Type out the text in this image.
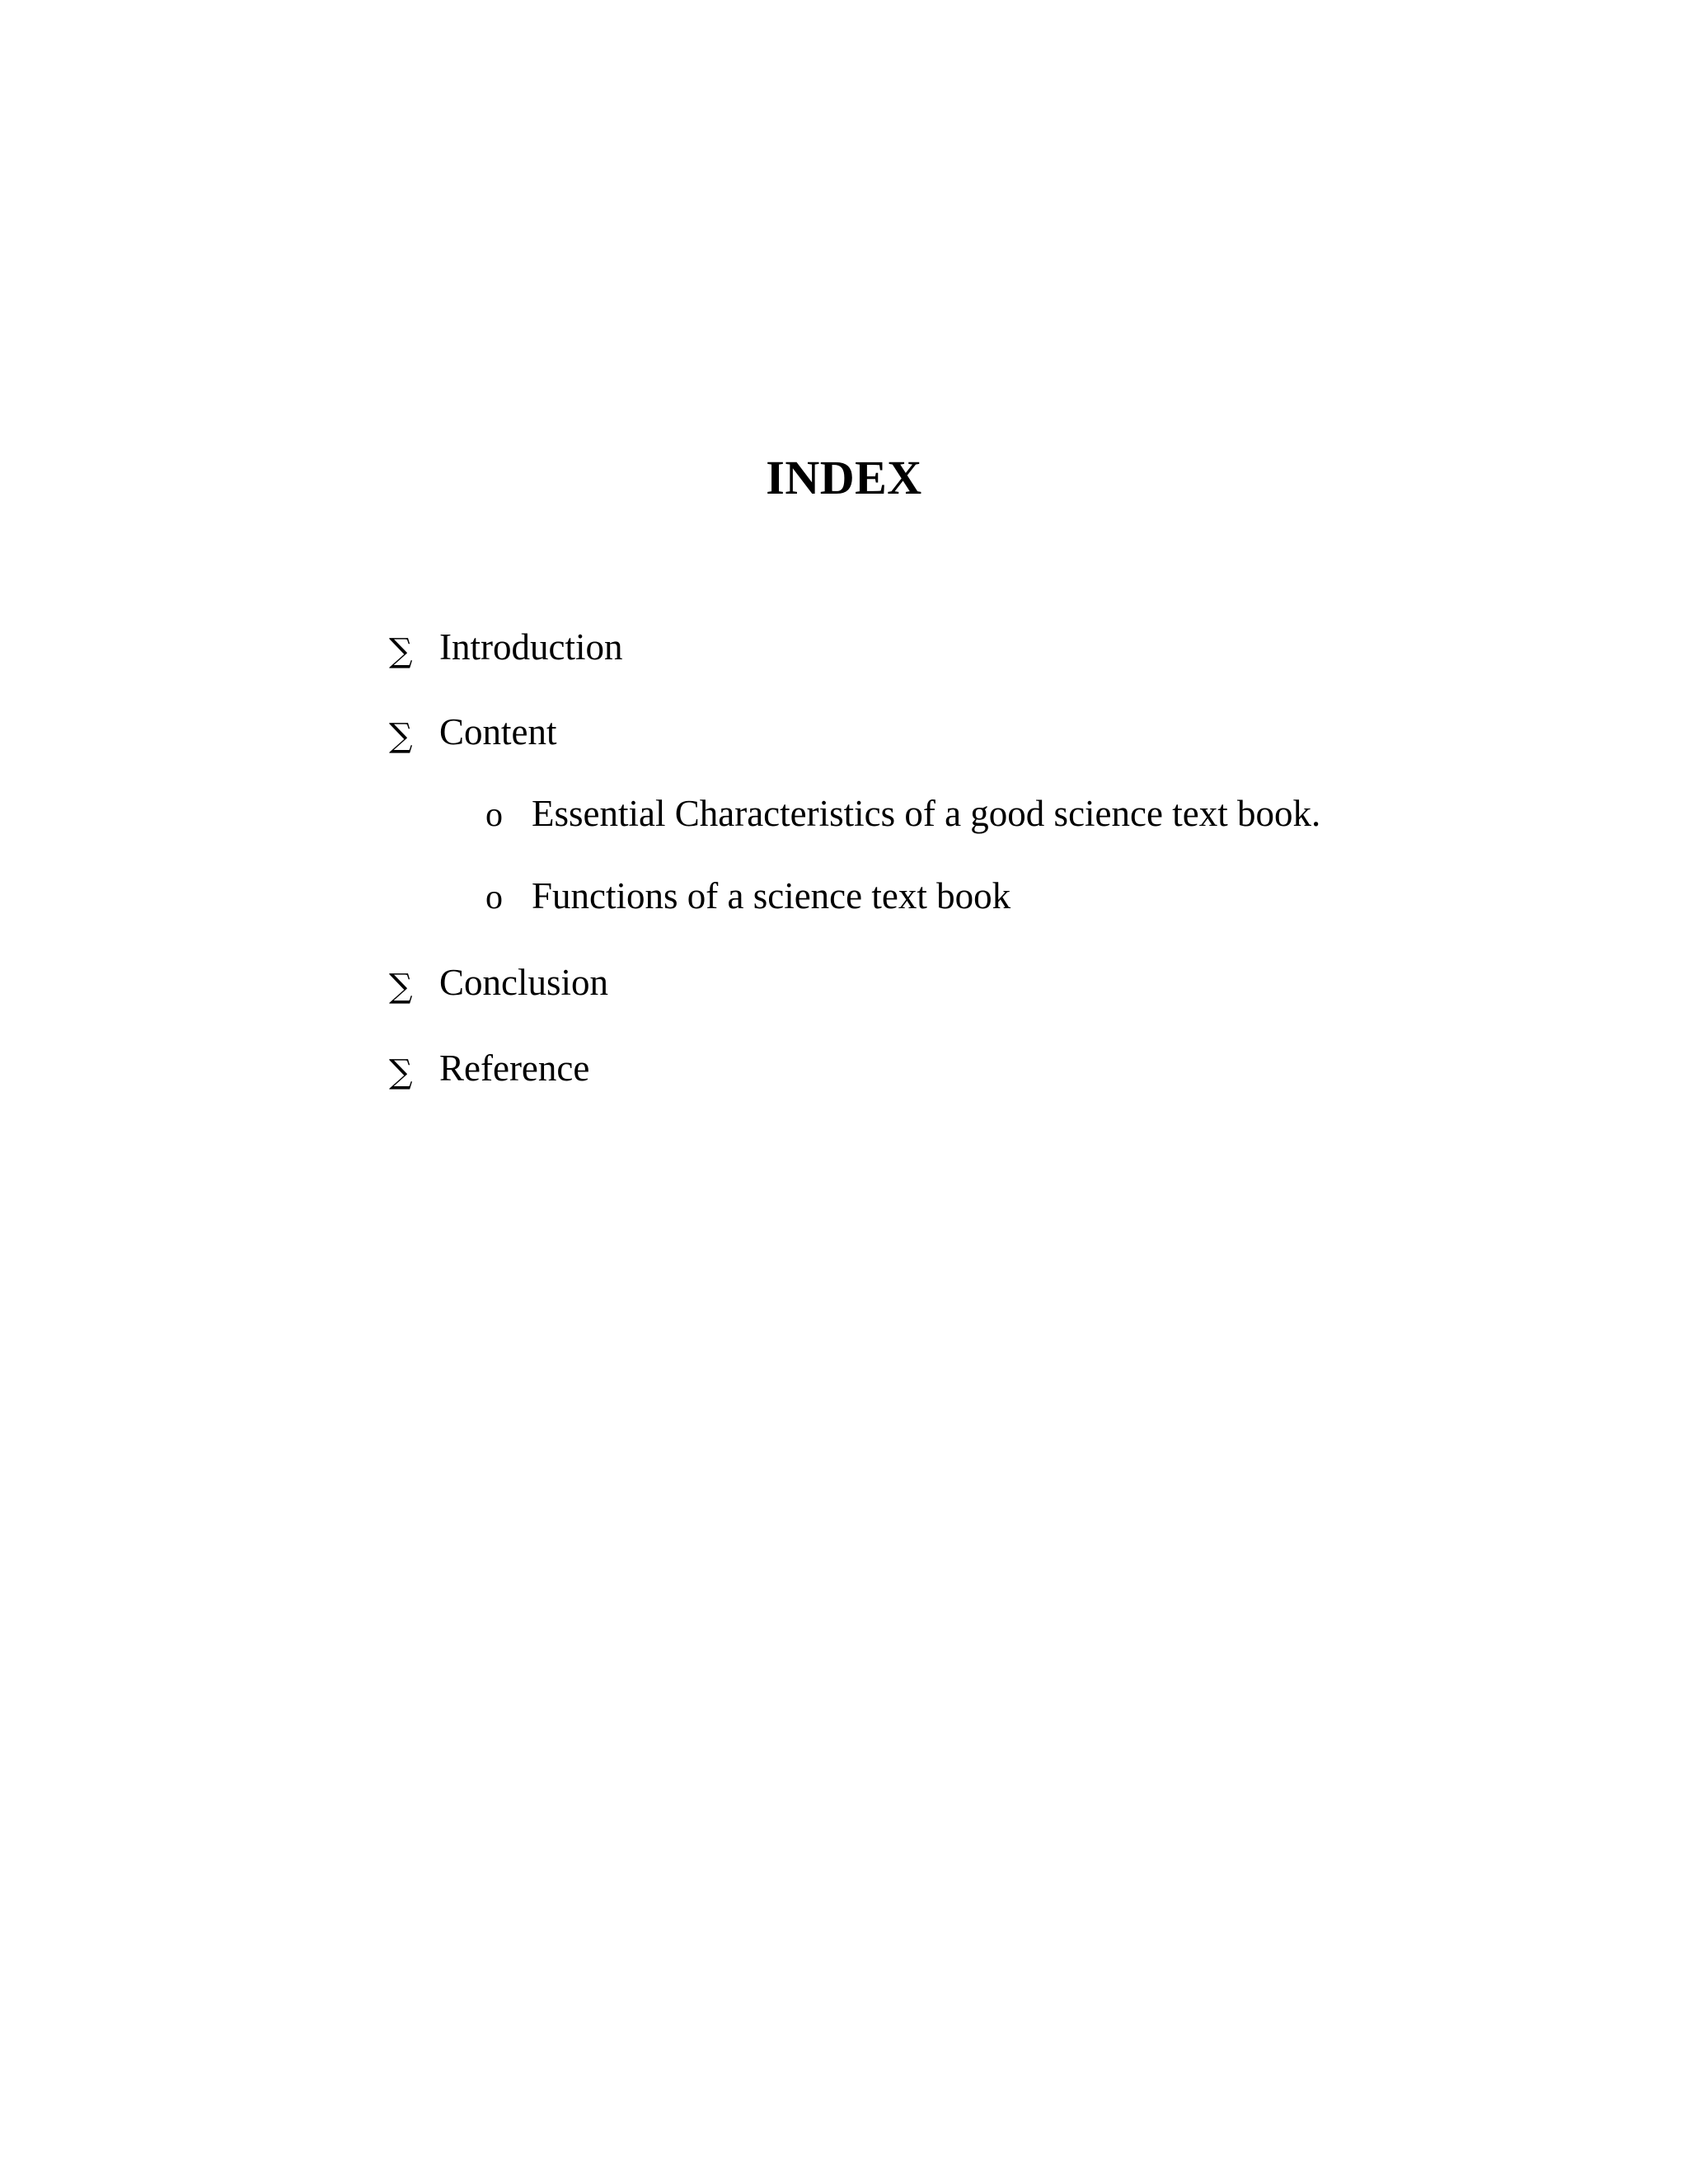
INDEX
∑ Introduction
∑ Content
o Essential Characteristics of a good science text book.
o Functions of a science text book
∑ Conclusion
∑ Reference
